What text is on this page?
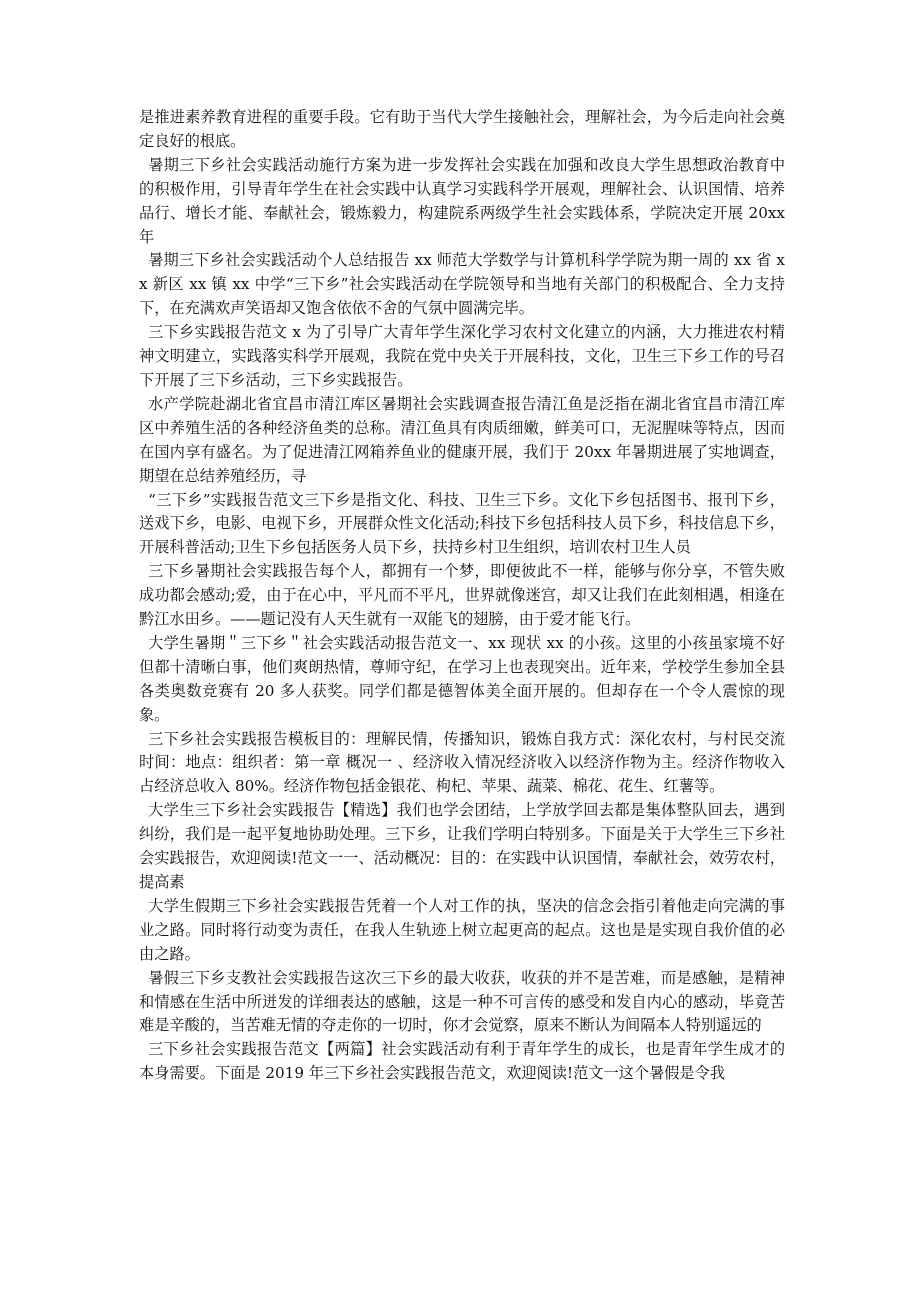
是推进素养教育进程的重要手段。它有助于当代大学生接触社会，理解社会，为今后走向社会奠定良好的根底。

暑期三下乡社会实践活动施行方案为进一步发挥社会实践在加强和改良大学生思想政治教育中的积极作用，引导青年学生在社会实践中认真学习实践科学开展观，理解社会、认识国情、培养品行、增长才能、奉献社会，锻炼毅力，构建院系两级学生社会实践体系，学院决定开展 20xx 年

暑期三下乡社会实践活动个人总结报告 xx 师范大学数学与计算机科学学院为期一周的 xx 省 xx 新区 xx 镇 xx 中学“三下乡”社会实践活动在学院领导和当地有关部门的积极配合、全力支持下，在充满欢声笑语却又饱含依依不舍的气氛中圆满完毕。

三下乡实践报告范文 x 为了引导广大青年学生深化学习农村文化建立的内涵，大力推进农村精神文明建立，实践落实科学开展观，我院在党中央关于开展科技，文化，卫生三下乡工作的号召下开展了三下乡活动，三下乡实践报告。

水产学院赴湖北省宜昌市清江库区暑期社会实践调查报告清江鱼是泛指在湖北省宜昌市清江库区中养殖生活的各种经济鱼类的总称。清江鱼具有肉质细嫩，鲜美可口，无泥腥味等特点，因而在国内享有盛名。为了促进清江网箱养鱼业的健康开展，我们于 20xx 年暑期进展了实地调查，期望在总结养殖经历，寻

“三下乡”实践报告范文三下乡是指文化、科技、卫生三下乡。文化下乡包括图书、报刊下乡，送戏下乡，电影、电视下乡，开展群众性文化活动;科技下乡包括科技人员下乡，科技信息下乡，开展科普活动;卫生下乡包括医务人员下乡，扶持乡村卫生组织，培训农村卫生人员

三下乡暑期社会实践报告每个人，都拥有一个梦，即便彼此不一样，能够与你分享，不管失败成功都会感动;爱，由于在心中，平凡而不平凡，世界就像迷宫，却又让我们在此刻相遇，相逢在黔江水田乡。——题记没有人天生就有一双能飞的翅膀，由于爱才能飞行。

大学生暑期＂三下乡＂社会实践活动报告范文一、xx 现状 xx 的小孩。这里的小孩虽家境不好但都十清晰白事，他们爽朗热情，尊师守纪，在学习上也表现突出。近年来，学校学生参加全县各类奥数竞赛有 20 多人获奖。同学们都是德智体美全面开展的。但却存在一个令人震惊的现象。

三下乡社会实践报告模板目的：理解民情，传播知识，锻炼自我方式：深化农村，与村民交流时间：地点：组织者：第一章 概况一 、经济收入情况经济收入以经济作物为主。经济作物收入占经济总收入 80%。经济作物包括金银花、枸杞、苹果、蔬菜、棉花、花生、红薯等。

大学生三下乡社会实践报告【精选】我们也学会团结，上学放学回去都是集体整队回去，遇到纠纷，我们是一起平复地协助处理。三下乡，让我们学明白特别多。下面是关于大学生三下乡社会实践报告，欢迎阅读!范文一一、活动概况：目的：在实践中认识国情，奉献社会，效劳农村，提高素

大学生假期三下乡社会实践报告凭着一个人对工作的执，坚决的信念会指引着他走向完满的事业之路。同时将行动变为责任，在我人生轨迹上树立起更高的起点。这也是是实现自我价值的必由之路。

暑假三下乡支教社会实践报告这次三下乡的最大收获，收获的并不是苦难，而是感触，是精神和情感在生活中所迸发的详细表达的感触，这是一种不可言传的感受和发自内心的感动，毕竟苦难是辛酸的，当苦难无情的夺走你的一切时，你才会觉察，原来不断认为间隔本人特别遥远的

三下乡社会实践报告范文【两篇】社会实践活动有利于青年学生的成长，也是青年学生成才的本身需要。下面是 2019 年三下乡社会实践报告范文，欢迎阅读!范文一这个暑假是令我
